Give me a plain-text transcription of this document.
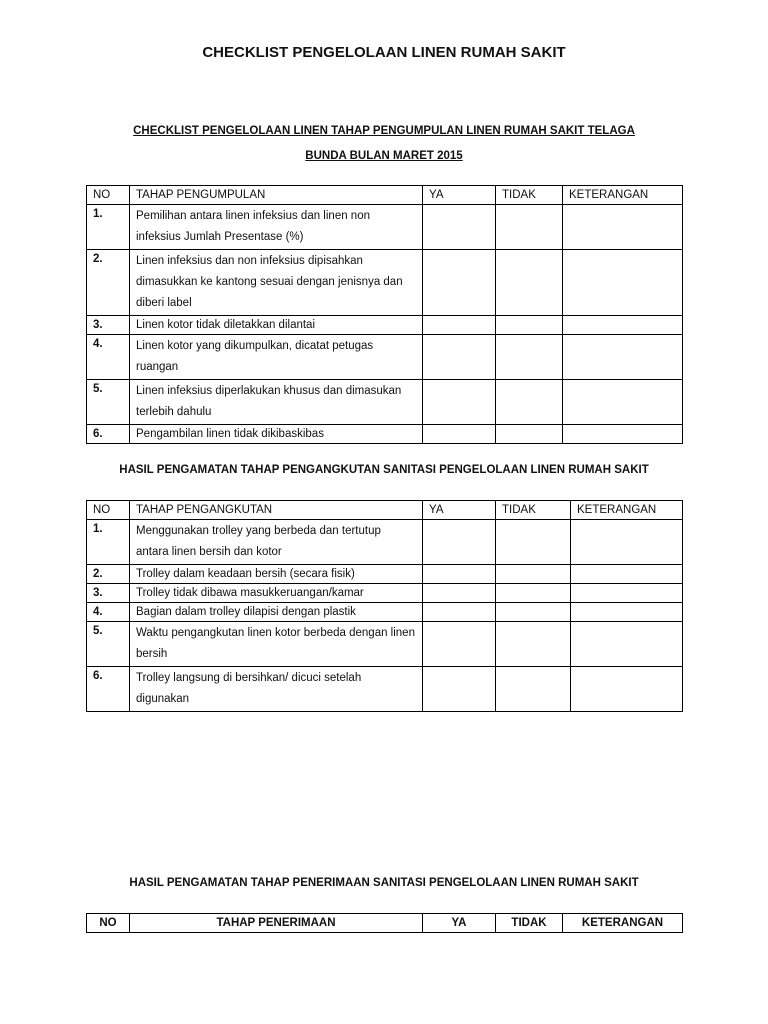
CHECKLIST PENGELOLAAN LINEN RUMAH SAKIT
CHECKLIST PENGELOLAAN LINEN TAHAP PENGUMPULAN LINEN RUMAH SAKIT TELAGA
BUNDA BULAN MARET 2015
NO	TAHAP PENGUMPULAN	YA	TIDAK	KETERANGAN
1.	Pemilihan antara linen infeksius dan linen non infeksius Jumlah Presentase (%)			

2.	Linen infeksius dan non infeksius dipisahkan dimasukkan ke kantong sesuai dengan jenisnya dan diberi label			

3.	Linen kotor tidak diletakkan dilantai			
4.	Linen kotor yang dikumpulkan, dicatat petugas ruangan			

5.	Linen infeksius diperlakukan khusus dan dimasukan terlebih dahulu			

6.	Pengambilan linen tidak dikibaskibas			
HASIL PENGAMATAN TAHAP PENGANGKUTAN SANITASI PENGELOLAAN LINEN RUMAH SAKIT
NO	TAHAP PENGANGKUTAN	YA	TIDAK	KETERANGAN
1.	Menggunakan trolley yang berbeda dan tertutup antara linen bersih dan kotor			

2.	Trolley dalam keadaan bersih (secara fisik)			
3.	Trolley tidak dibawa masukkeruangan/kamar			
4.	Bagian dalam trolley dilapisi dengan plastik			
5.	Waktu pengangkutan linen kotor berbeda dengan linen bersih			

6.	Trolley langsung di bersihkan/ dicuci setelah digunakan			

HASIL PENGAMATAN TAHAP PENERIMAAN SANITASI PENGELOLAAN LINEN RUMAH SAKIT
NO	TAHAP PENERIMAAN	YA	TIDAK	KETERANGAN
